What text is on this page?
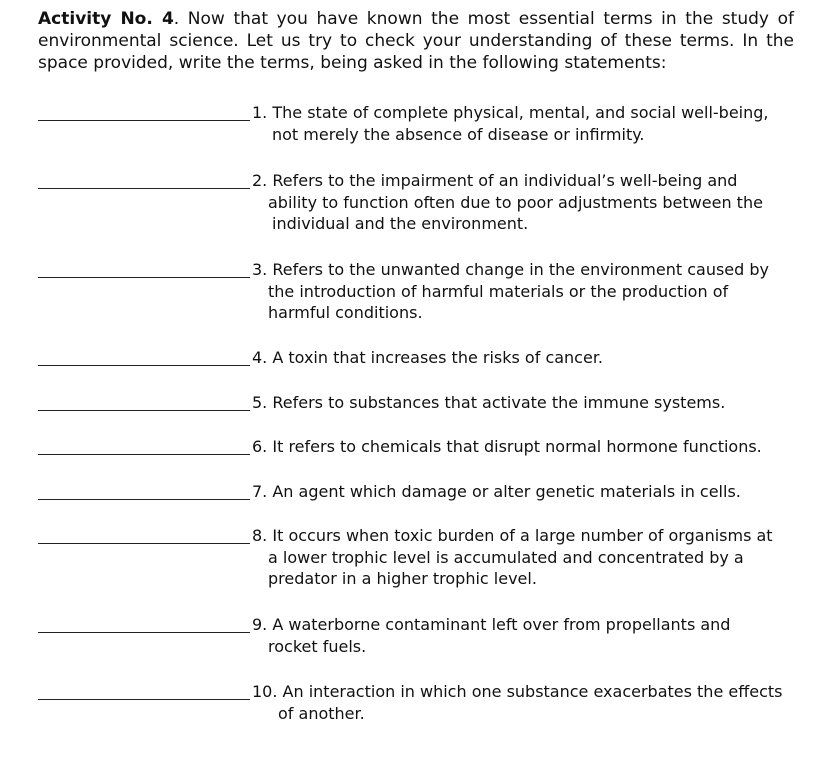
Activity No. 4. Now that you have known the most essential terms in the study of environmental science. Let us try to check your understanding of these terms. In the space provided, write the terms, being asked in the following statements:
1. The state of complete physical, mental, and social well-being,
not merely the absence of disease or infirmity.
2. Refers to the impairment of an individual’s well-being and
ability to function often due to poor adjustments between the
individual and the environment.
3. Refers to the unwanted change in the environment caused by
the introduction of harmful materials or the production of
harmful conditions.
4. A toxin that increases the risks of cancer.
5. Refers to substances that activate the immune systems.
6. It refers to chemicals that disrupt normal hormone functions.
7. An agent which damage or alter genetic materials in cells.
8. It occurs when toxic burden of a large number of organisms at
a lower trophic level is accumulated and concentrated by a
predator in a higher trophic level.
9. A waterborne contaminant left over from propellants and
rocket fuels.
10. An interaction in which one substance exacerbates the effects
of another.
